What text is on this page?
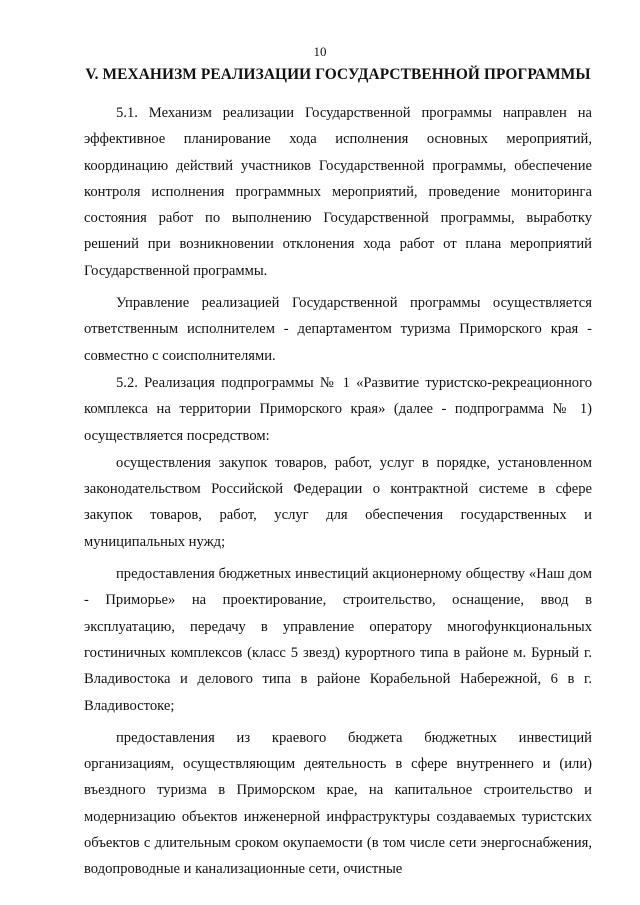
10
V. МЕХАНИЗМ РЕАЛИЗАЦИИ ГОСУДАРСТВЕННОЙ ПРОГРАММЫ

5.1. Механизм реализации Государственной программы направлен на эффективное планирование хода исполнения основных мероприятий, координацию действий участников Государственной программы, обеспечение контроля исполнения программных мероприятий, проведение мониторинга состояния работ по выполнению Государственной программы, выработку решений при возникновении отклонения хода работ от плана мероприятий Государственной программы.

Управление реализацией Государственной программы осуществляется ответственным исполнителем - департаментом туризма Приморского края - совместно с соисполнителями.

5.2. Реализация подпрограммы № 1 «Развитие туристско-рекреационного комплекса на территории Приморского края» (далее - подпрограмма № 1) осуществляется посредством:

осуществления закупок товаров, работ, услуг в порядке, установленном законодательством Российской Федерации о контрактной системе в сфере закупок товаров, работ, услуг для обеспечения государственных и муниципальных нужд;

предоставления бюджетных инвестиций акционерному обществу «Наш дом - Приморье» на проектирование, строительство, оснащение, ввод в эксплуатацию, передачу в управление оператору многофункциональных гостиничных комплексов (класс 5 звезд) курортного типа в районе м. Бурный г. Владивостока и делового типа в районе Корабельной Набережной, 6 в г. Владивостоке;

предоставления из краевого бюджета бюджетных инвестиций организациям, осуществляющим деятельность в сфере внутреннего и (или) въездного туризма в Приморском крае, на капитальное строительство и модернизацию объектов инженерной инфраструктуры создаваемых туристских объектов с длительным сроком окупаемости (в том числе сети энергоснабжения, водопроводные и канализационные сети, очистные
